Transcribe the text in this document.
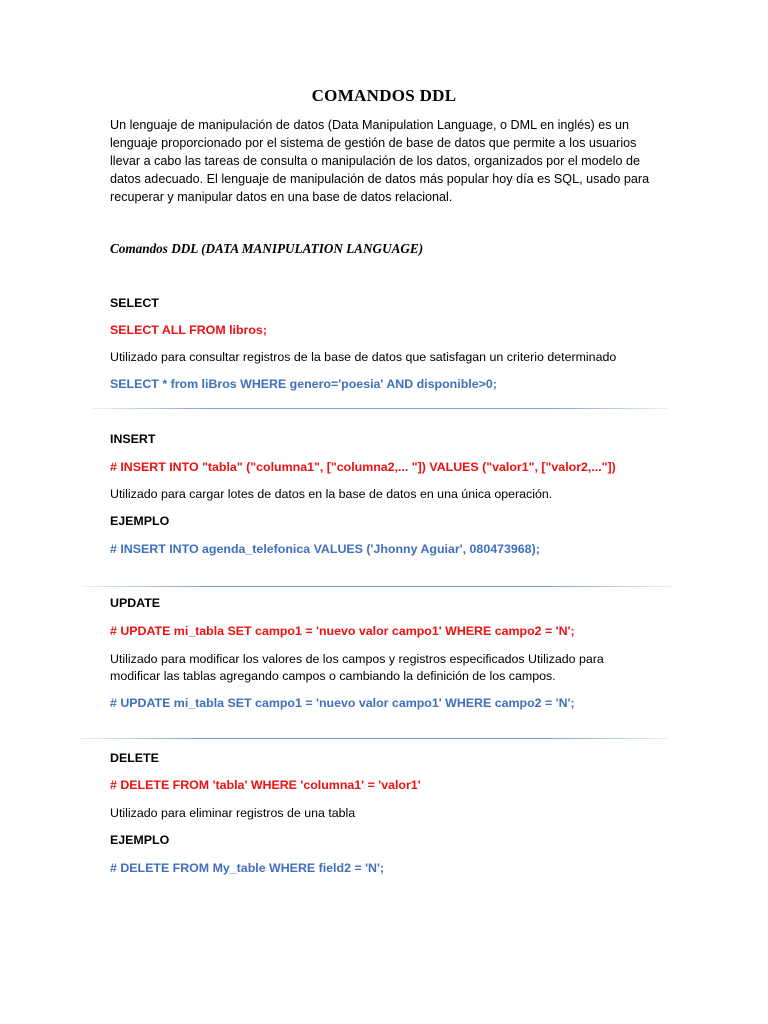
COMANDOS DDL
Un lenguaje de manipulación de datos (Data Manipulation Language, o DML en inglés) es un lenguaje proporcionado por el sistema de gestión de base de datos que permite a los usuarios llevar a cabo las tareas de consulta o manipulación de los datos, organizados por el modelo de datos adecuado. El lenguaje de manipulación de datos más popular hoy día es SQL, usado para recuperar y manipular datos en una base de datos relacional.
Comandos DDL (DATA MANIPULATION LANGUAGE)
SELECT
SELECT ALL FROM libros;
Utilizado para consultar registros de la base de datos que satisfagan un criterio determinado
SELECT * from liBros WHERE genero='poesia' AND disponible>0;
INSERT
# INSERT INTO "tabla" ("columna1", ["columna2,... "]) VALUES ("valor1", ["valor2,..."])
Utilizado para cargar lotes de datos en la base de datos en una única operación.
EJEMPLO
# INSERT INTO agenda_telefonica VALUES ('Jhonny Aguiar', 080473968);
UPDATE
# UPDATE mi_tabla SET campo1 = 'nuevo valor campo1' WHERE campo2 = 'N';
Utilizado para modificar los valores de los campos y registros especificados Utilizado para modificar las tablas agregando campos o cambiando la definición de los campos.
# UPDATE mi_tabla SET campo1 = 'nuevo valor campo1' WHERE campo2 = 'N';
DELETE
# DELETE FROM 'tabla' WHERE 'columna1' = 'valor1'
Utilizado para eliminar registros de una tabla
EJEMPLO
# DELETE FROM My_table WHERE field2 = 'N';
